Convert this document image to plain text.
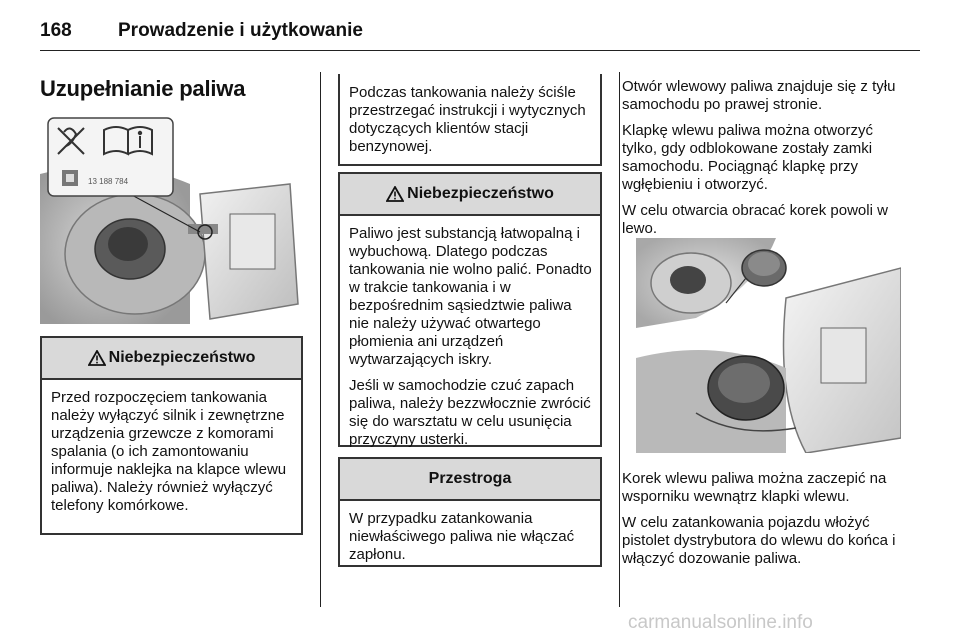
168 Prowadzenie i użytkowanie
Uzupełnianie paliwa
13 188 784
Niebezpieczeństwo

Przed rozpoczęciem tankowania należy wyłączyć silnik i zewnętrzne urządzenia grzewcze z komorami spalania (o ich zamontowaniu informuje naklejka na klapce wlewu paliwa). Należy również wyłączyć telefony komórkowe.

Podczas tankowania należy ściśle przestrzegać instrukcji i wytycznych dotyczących klientów stacji benzynowej.

Niebezpieczeństwo

Paliwo jest substancją łatwopalną i wybuchową. Dlatego podczas tankowania nie wolno palić. Ponadto w trakcie tankowania i w bezpośrednim sąsiedztwie paliwa nie należy używać otwartego płomienia ani urządzeń wytwarzających iskry.

Jeśli w samochodzie czuć zapach paliwa, należy bezzwłocznie zwrócić się do warsztatu w celu usunięcia przyczyny usterki.

Przestroga

W przypadku zatankowania niewłaściwego paliwa nie włączać zapłonu.

Otwór wlewowy paliwa znajduje się z tyłu samochodu po prawej stronie.

Klapkę wlewu paliwa można otworzyć tylko, gdy odblokowane zostały zamki samochodu. Pociągnąć klapkę przy wgłębieniu i otworzyć.

W celu otwarcia obracać korek powoli w lewo.

Korek wlewu paliwa można zaczepić na wsporniku wewnątrz klapki wlewu.

W celu zatankowania pojazdu włożyć pistolet dystrybutora do wlewu do końca i włączyć dozowanie paliwa.

carmanualsonline.info
